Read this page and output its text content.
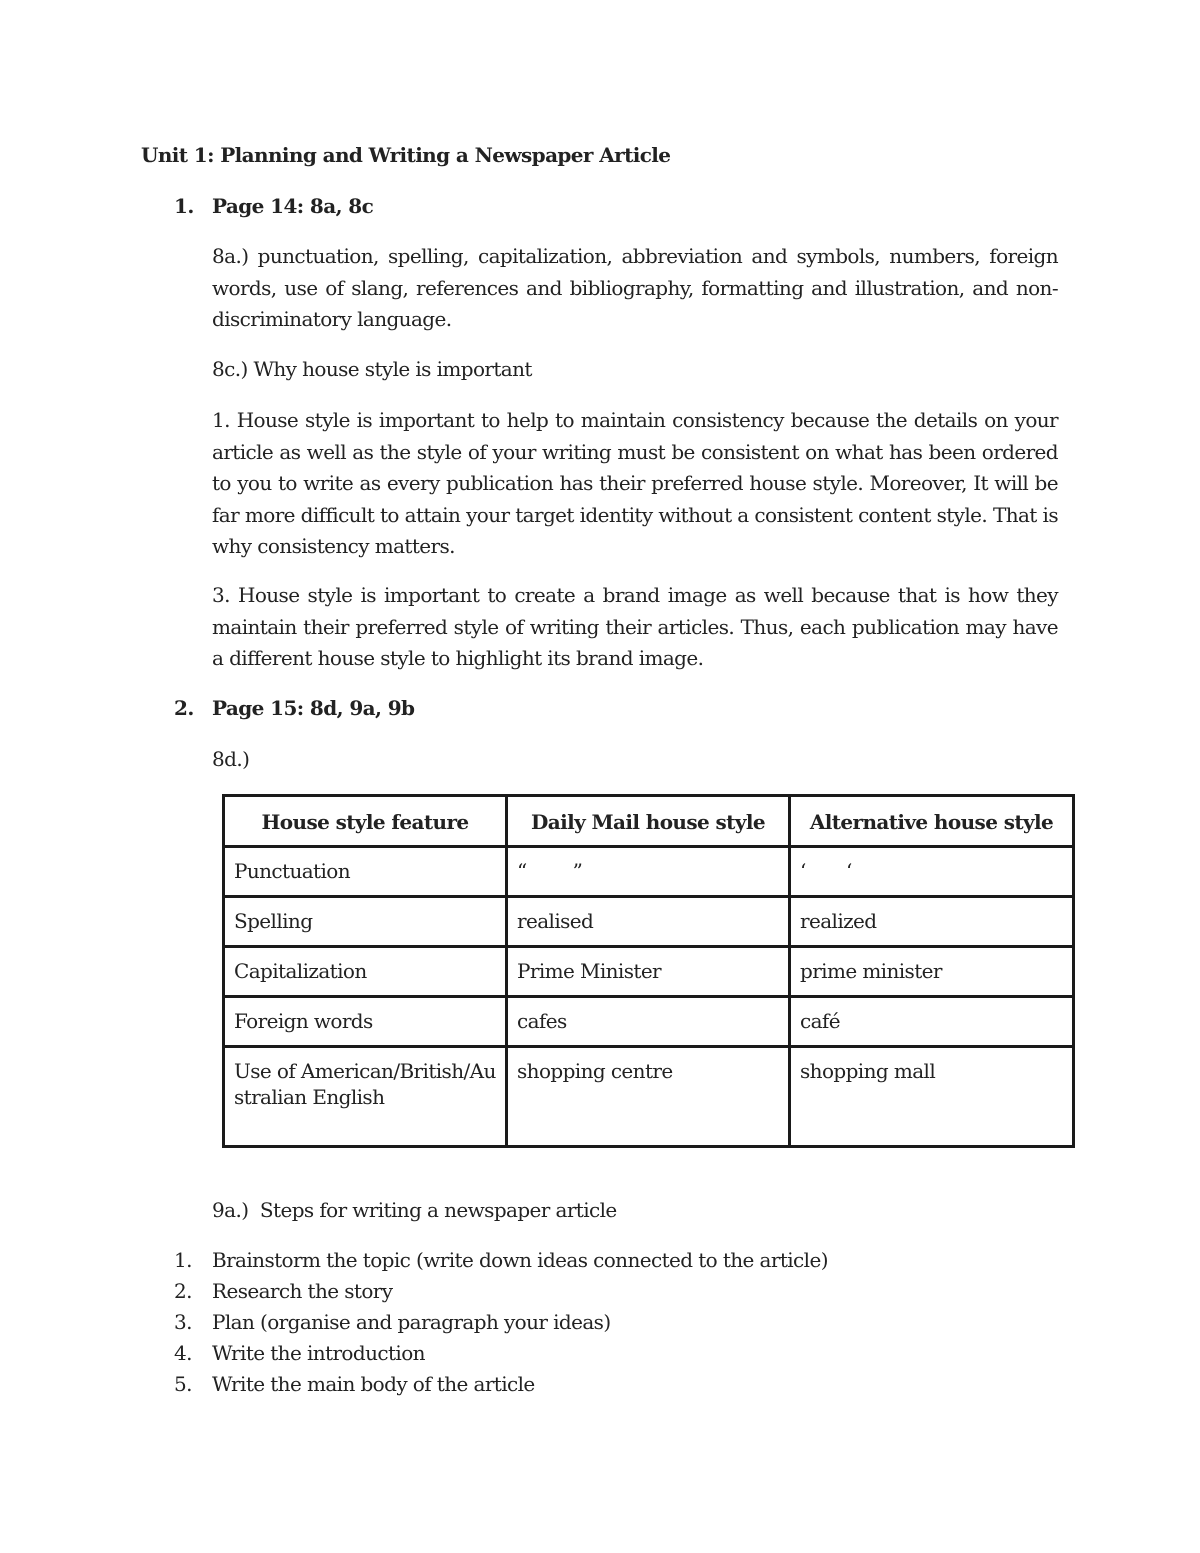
Unit 1: Planning and Writing a Newspaper Article
1. Page 14: 8a, 8c
8a.) punctuation, spelling, capitalization, abbreviation and symbols, numbers, foreign words, use of slang, references and bibliography, formatting and illustration, and non-discriminatory language.
8c.) Why house style is important
1. House style is important to help to maintain consistency because the details on your article as well as the style of your writing must be consistent on what has been ordered to you to write as every publication has their preferred house style. Moreover, It will be far more difficult to attain your target identity without a consistent content style. That is why consistency matters.
3. House style is important to create a brand image as well because that is how they maintain their preferred style of writing their articles. Thus, each publication may have a different house style to highlight its brand image.
2. Page 15: 8d, 9a, 9b
8d.)
House style feature	Daily Mail house style	Alternative house style
Punctuation	“        ”	‘       ‘
Spelling	realised	realized
Capitalization	Prime Minister	prime minister
Foreign words	cafes	café
Use of American/British/Australian English	shopping centre	shopping mall
9a.)  Steps for writing a newspaper article
1. Brainstorm the topic (write down ideas connected to the article)
2. Research the story
3. Plan (organise and paragraph your ideas)
4. Write the introduction
5. Write the main body of the article
